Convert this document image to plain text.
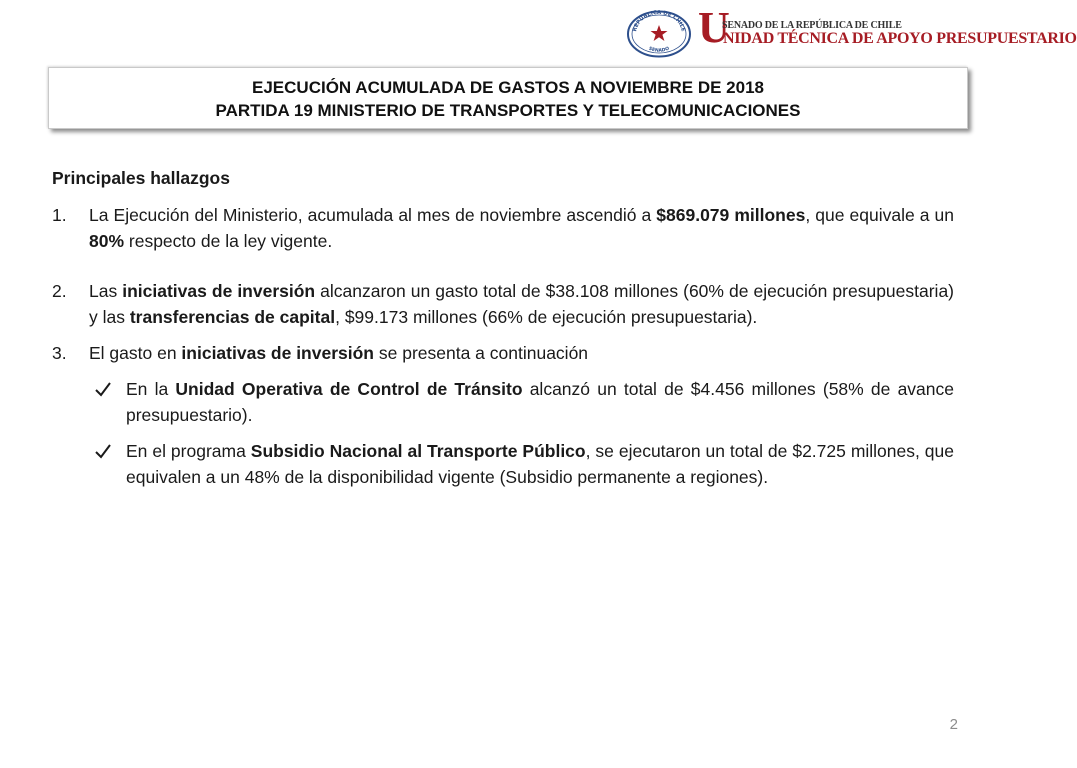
REPÚBLICA DE CHILE
SENADO U
SENADO DE LA REPÚBLICA DE CHILE
NIDAD TÉCNICA DE APOYO PRESUPUESTARIO
EJECUCIÓN ACUMULADA DE GASTOS A NOVIEMBRE DE 2018
PARTIDA 19 MINISTERIO DE TRANSPORTES Y TELECOMUNICACIONES
Principales hallazgos
1. La Ejecución del Ministerio, acumulada al mes de noviembre ascendió a $869.079 millones, que equivale a un 80% respecto de la ley vigente.
2. Las iniciativas de inversión alcanzaron un gasto total de $38.108 millones (60% de ejecución presupuestaria) y las transferencias de capital, $99.173 millones (66% de ejecución presupuestaria).
3. El gasto en iniciativas de inversión se presenta a continuación
En la Unidad Operativa de Control de Tránsito alcanzó un total de $4.456 millones (58% de avance presupuestario).
En el programa Subsidio Nacional al Transporte Público, se ejecutaron un total de $2.725 millones, que equivalen a un 48% de la disponibilidad vigente (Subsidio permanente a regiones).
2
